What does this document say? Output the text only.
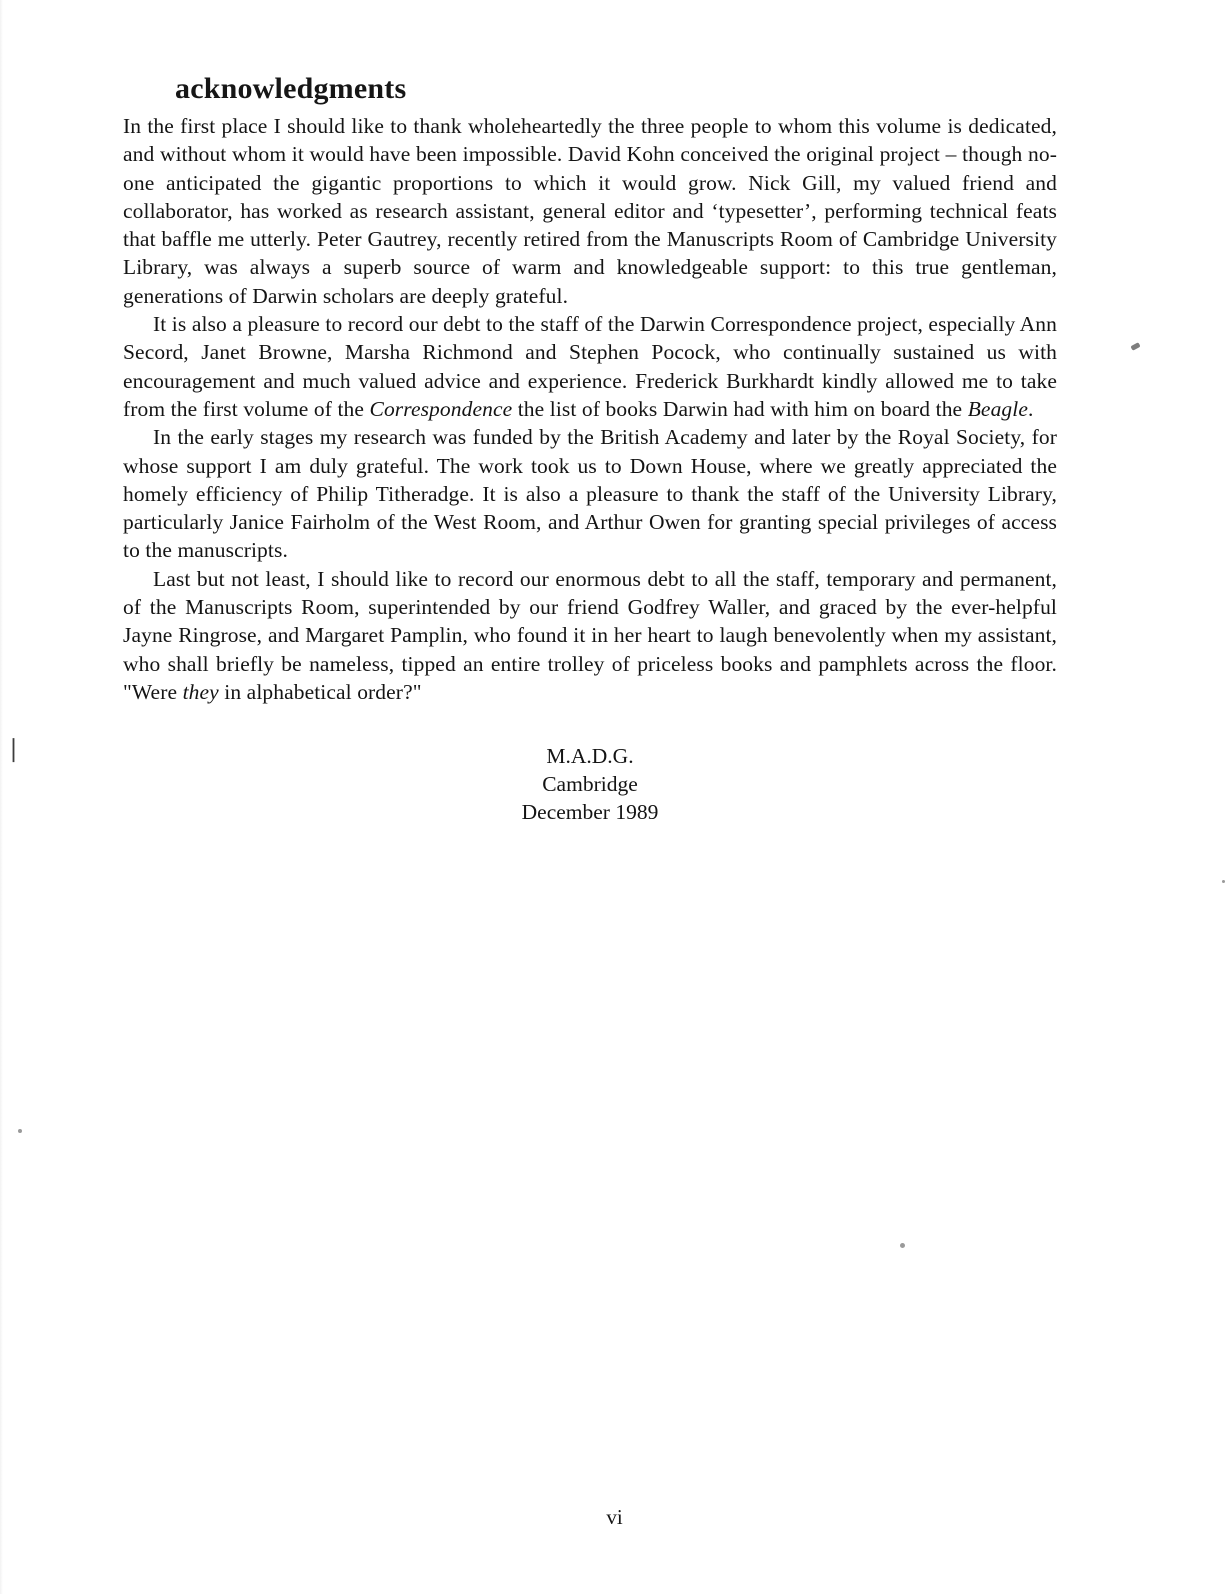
acknowledgments

In the first place I should like to thank wholeheartedly the three people to whom this volume is dedicated, and without whom it would have been impossible. David Kohn conceived the original project – though no-one anticipated the gigantic proportions to which it would grow. Nick Gill, my valued friend and collaborator, has worked as research assistant, general editor and ‘typesetter’, performing technical feats that baffle me utterly. Peter Gautrey, recently retired from the Manuscripts Room of Cambridge University Library, was always a superb source of warm and knowledgeable support: to this true gentleman, generations of Darwin scholars are deeply grateful.

It is also a pleasure to record our debt to the staff of the Darwin Correspondence project, especially Ann Secord, Janet Browne, Marsha Richmond and Stephen Pocock, who continually sustained us with encouragement and much valued advice and experience. Frederick Burkhardt kindly allowed me to take from the first volume of the Correspondence the list of books Darwin had with him on board the Beagle.

In the early stages my research was funded by the British Academy and later by the Royal Society, for whose support I am duly grateful. The work took us to Down House, where we greatly appreciated the homely efficiency of Philip Titheradge. It is also a pleasure to thank the staff of the University Library, particularly Janice Fairholm of the West Room, and Arthur Owen for granting special privileges of access to the manuscripts.

Last but not least, I should like to record our enormous debt to all the staff, temporary and permanent, of the Manuscripts Room, superintended by our friend Godfrey Waller, and graced by the ever-helpful Jayne Ringrose, and Margaret Pamplin, who found it in her heart to laugh benevolently when my assistant, who shall briefly be nameless, tipped an entire trolley of priceless books and pamphlets across the floor. "Were they in alphabetical order?"

M.A.D.G.
Cambridge
December 1989
vi
⎪
